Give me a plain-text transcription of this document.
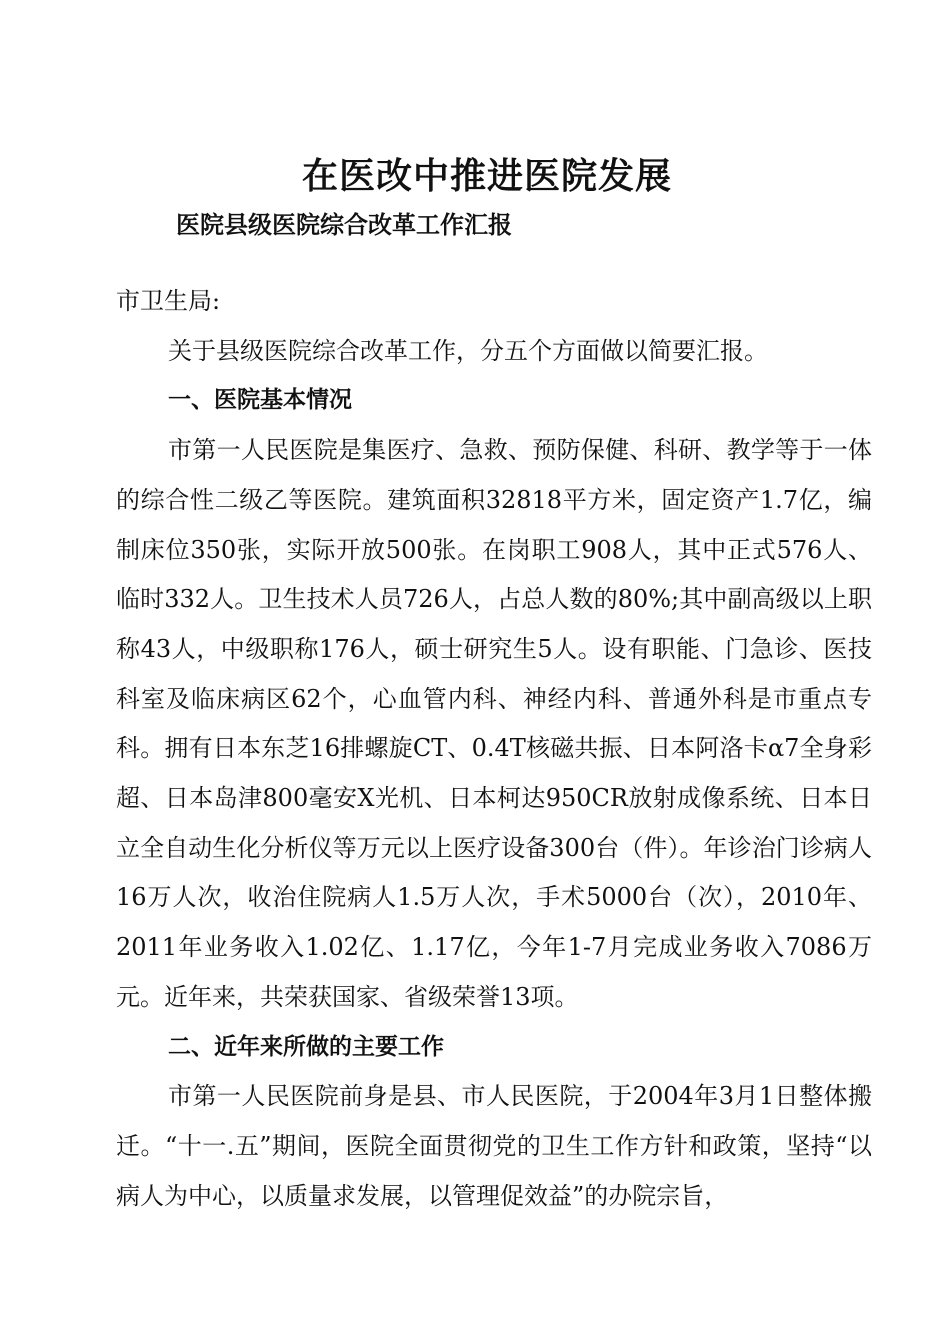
在医改中推进医院发展
医院县级医院综合改革工作汇报

市卫生局:

关于县级医院综合改革工作，分五个方面做以简要汇报。

一、医院基本情况

市第一人民医院是集医疗、急救、预防保健、科研、教学等于一体的综合性二级乙等医院。建筑面积32818平方米，固定资产1.7亿，编制床位350张，实际开放500张。在岗职工908人，其中正式576人、临时332人。卫生技术人员726人，占总人数的80%;其中副高级以上职称43人，中级职称176人，硕士研究生5人。设有职能、门急诊、医技科室及临床病区62个，心血管内科、神经内科、普通外科是市重点专科。拥有日本东芝16排螺旋CT、0.4T核磁共振、日本阿洛卡α7全身彩超、日本岛津800毫安X光机、日本柯达950CR放射成像系统、日本日立全自动生化分析仪等万元以上医疗设备300台（件）。年诊治门诊病人16万人次，收治住院病人1.5万人次，手术5000台（次），2010年、2011年业务收入1.02亿、1.17亿，今年1-7月完成业务收入7086万元。近年来，共荣获国家、省级荣誉13项。

二、近年来所做的主要工作

市第一人民医院前身是县、市人民医院，于2004年3月1日整体搬迁。“十一.五”期间，医院全面贯彻党的卫生工作方针和政策，坚持“以病人为中心，以质量求发展，以管理促效益”的办院宗旨，
